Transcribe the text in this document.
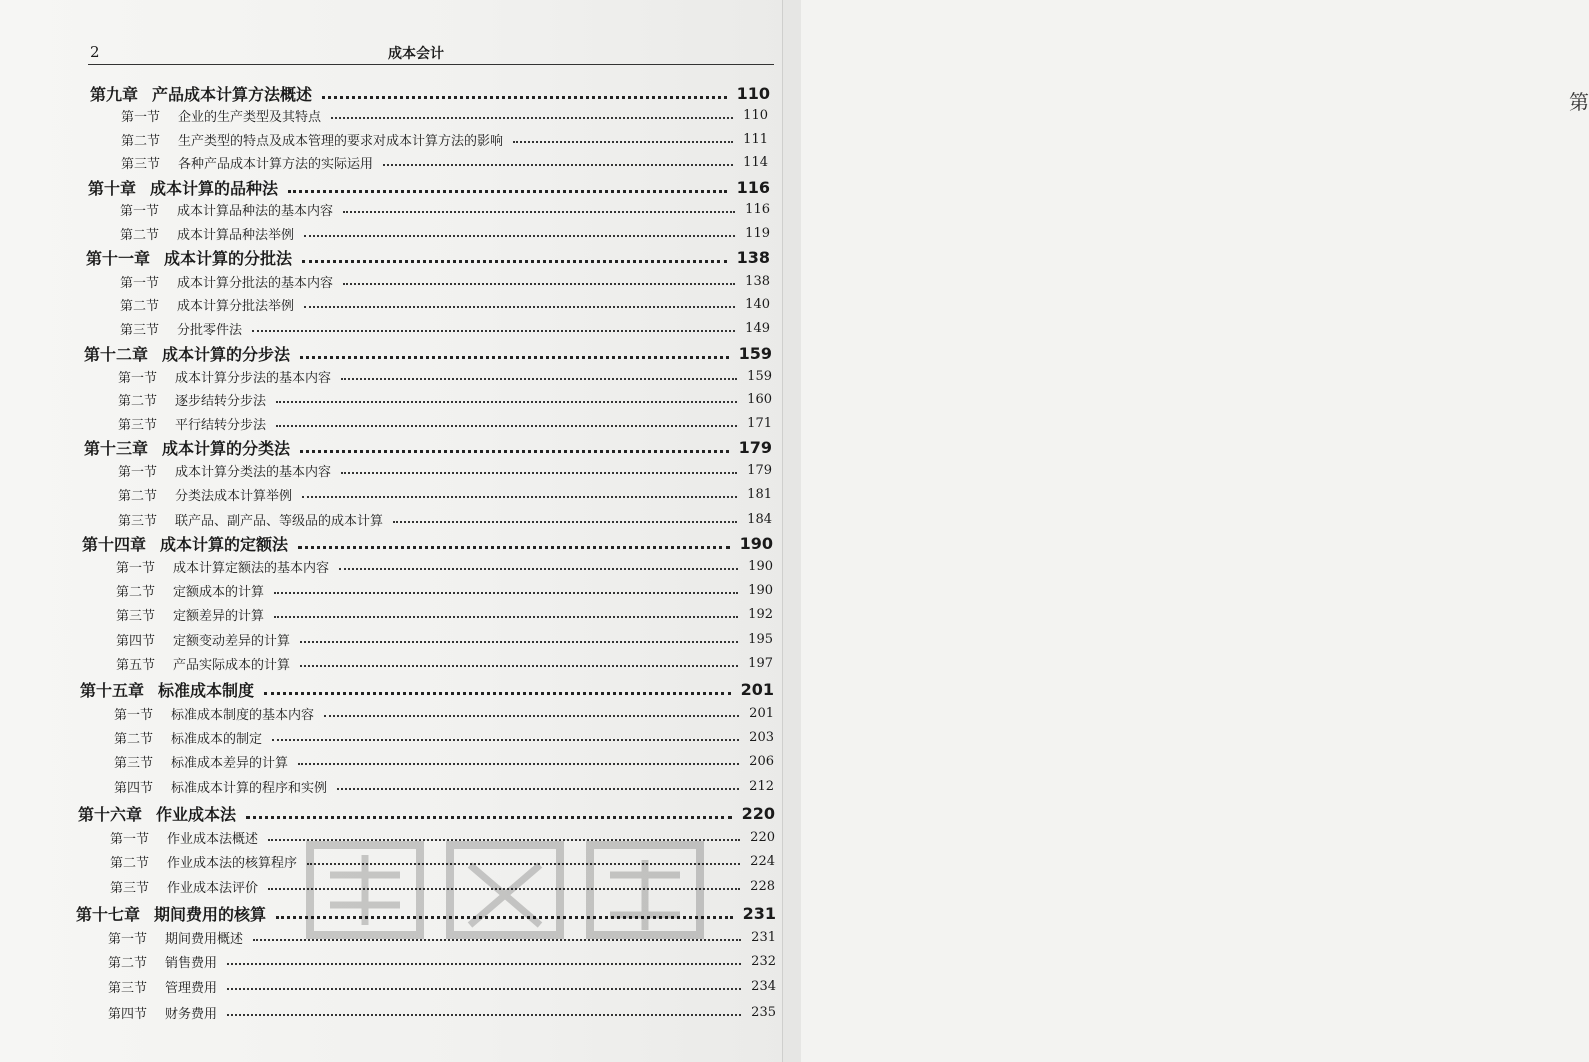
第
2	成本会计
第九章 产品成本计算方法概述	110
第一节 企业的生产类型及其特点	110
第二节 生产类型的特点及成本管理的要求对成本计算方法的影响	111
第三节 各种产品成本计算方法的实际运用	114
第十章 成本计算的品种法	116
第一节 成本计算品种法的基本内容	116
第二节 成本计算品种法举例	119
第十一章 成本计算的分批法	138
第一节 成本计算分批法的基本内容	138
第二节 成本计算分批法举例	140
第三节 分批零件法	149
第十二章 成本计算的分步法	159
第一节 成本计算分步法的基本内容	159
第二节 逐步结转分步法	160
第三节 平行结转分步法	171
第十三章 成本计算的分类法	179
第一节 成本计算分类法的基本内容	179
第二节 分类法成本计算举例	181
第三节 联产品、副产品、等级品的成本计算	184
第十四章 成本计算的定额法	190
第一节 成本计算定额法的基本内容	190
第二节 定额成本的计算	190
第三节 定额差异的计算	192
第四节 定额变动差异的计算	195
第五节 产品实际成本的计算	197
第十五章 标准成本制度	201
第一节 标准成本制度的基本内容	201
第二节 标准成本的制定	203
第三节 标准成本差异的计算	206
第四节 标准成本计算的程序和实例	212
第十六章 作业成本法	220
第一节 作业成本法概述	220
第二节 作业成本法的核算程序	224
第三节 作业成本法评价	228
第十七章 期间费用的核算	231
第一节 期间费用概述	231
第二节 销售费用	232
第三节 管理费用	234
第四节 财务费用	235
